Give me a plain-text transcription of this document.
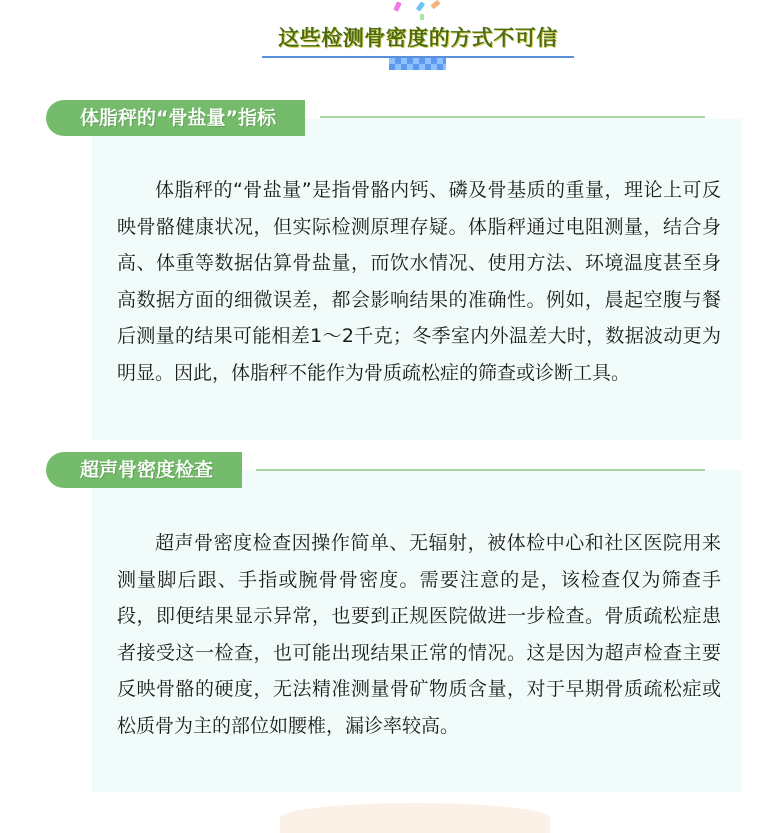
这些检测骨密度的方式不可信
体脂秤的“骨盐量”指标

体脂秤的“骨盐量”是指骨骼内钙、磷及骨基质的重量，理论上可反映骨骼健康状况，但实际检测原理存疑。体脂秤通过电阻测量，结合身高、体重等数据估算骨盐量，而饮水情况、使用方法、环境温度甚至身高数据方面的细微误差，都会影响结果的准确性。例如，晨起空腹与餐后测量的结果可能相差1～2千克；冬季室内外温差大时，数据波动更为明显。因此，体脂秤不能作为骨质疏松症的筛查或诊断工具。

超声骨密度检查

超声骨密度检查因操作简单、无辐射，被体检中心和社区医院用来测量脚后跟、手指或腕骨骨密度。需要注意的是，该检查仅为筛查手段，即便结果显示异常，也要到正规医院做进一步检查。骨质疏松症患者接受这一检查，也可能出现结果正常的情况。这是因为超声检查主要反映骨骼的硬度，无法精准测量骨矿物质含量，对于早期骨质疏松症或松质骨为主的部位如腰椎，漏诊率较高。
